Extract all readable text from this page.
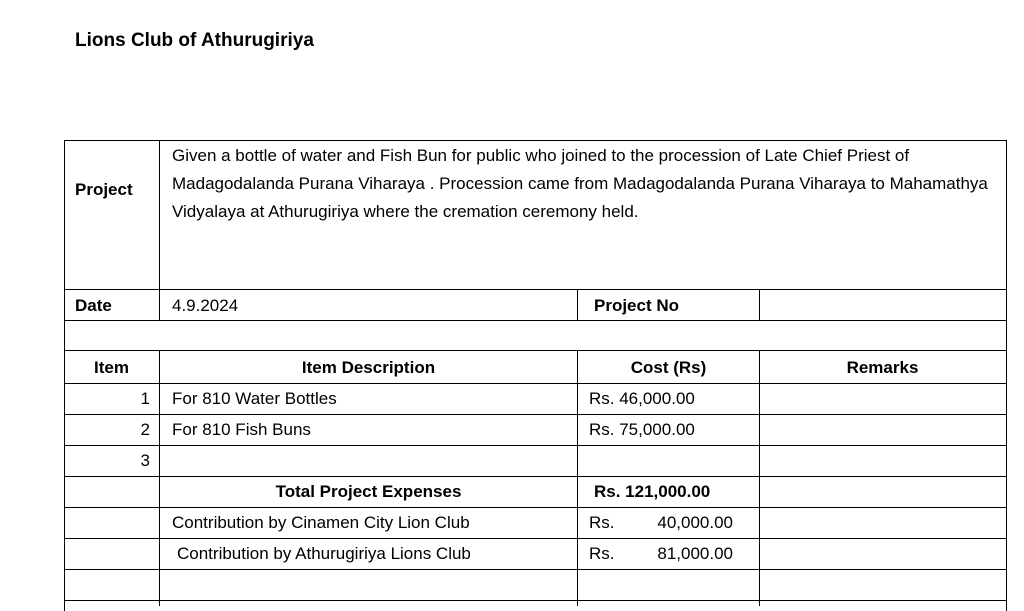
Lions Club of Athurugiriya
Project
Given a bottle of water and Fish Bun for public who joined to the procession of Late Chief Priest of Madagodalanda Purana Viharaya . Procession came from Madagodalanda Purana Viharaya to Mahamathya Vidyalaya at Athurugiriya where the cremation ceremony held.
Date	4.9.2024	Project No
Item	Item Description	Cost (Rs)	Remarks
1 For 810 Water Bottles	Rs. 46,000.00
2 For 810 Fish Buns	Rs. 75,000.00
3
Total Project Expenses	Rs. 121,000.00
Contribution by Cinamen City Lion Club	Rs.	40,000.00
Contribution by Athurugiriya Lions Club	Rs.	81,000.00
